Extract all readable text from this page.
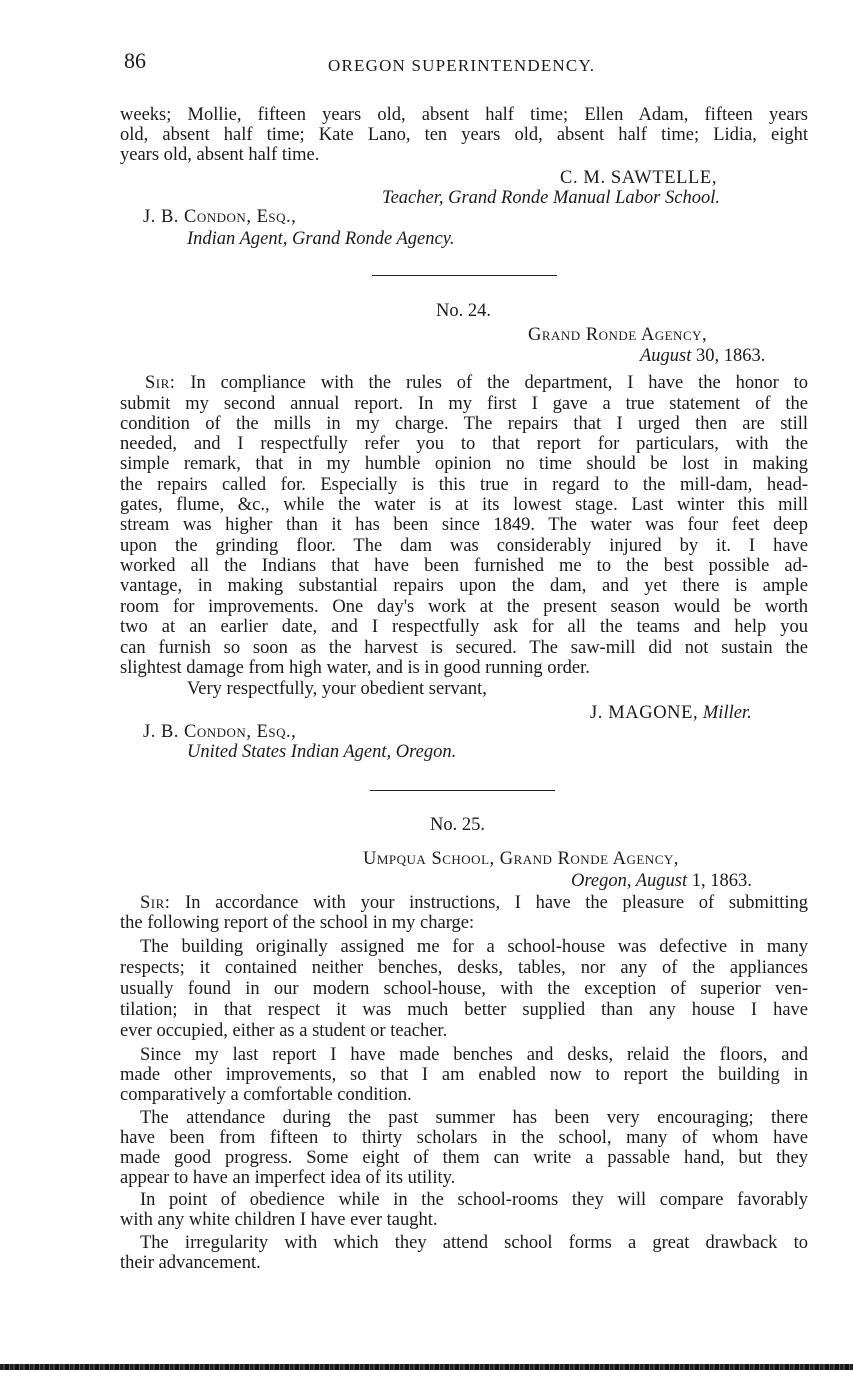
86	OREGON SUPERINTENDENCY.
weeks; Mollie, fifteen years old, absent half time; Ellen Adam, fifteen years
old, absent half time; Kate Lano, ten years old, absent half time; Lidia, eight
years old, absent half time.
C. M. SAWTELLE,
Teacher, Grand Ronde Manual Labor School.
J. B. Condon, Esq.,
Indian Agent, Grand Ronde Agency.
No. 24.
Grand Ronde Agency,
August 30, 1863.
Sir: In compliance with the rules of the department, I have the honor to
submit my second annual report. In my first I gave a true statement of the
condition of the mills in my charge. The repairs that I urged then are still
needed, and I respectfully refer you to that report for particulars, with the
simple remark, that in my humble opinion no time should be lost in making
the repairs called for. Especially is this true in regard to the mill-dam, head-
gates, flume, &c., while the water is at its lowest stage. Last winter this mill
stream was higher than it has been since 1849. The water was four feet deep
upon the grinding floor. The dam was considerably injured by it. I have
worked all the Indians that have been furnished me to the best possible ad-
vantage, in making substantial repairs upon the dam, and yet there is ample
room for improvements. One day's work at the present season would be worth
two at an earlier date, and I respectfully ask for all the teams and help you
can furnish so soon as the harvest is secured. The saw-mill did not sustain the
slightest damage from high water, and is in good running order.
Very respectfully, your obedient servant,
J. MAGONE, Miller.
J. B. Condon, Esq.,
United States Indian Agent, Oregon.
No. 25.
Umpqua School, Grand Ronde Agency,
Oregon, August 1, 1863.
Sir: In accordance with your instructions, I have the pleasure of submitting
the following report of the school in my charge:
The building originally assigned me for a school-house was defective in many
respects; it contained neither benches, desks, tables, nor any of the appliances
usually found in our modern school-house, with the exception of superior ven-
tilation; in that respect it was much better supplied than any house I have
ever occupied, either as a student or teacher.
Since my last report I have made benches and desks, relaid the floors, and
made other improvements, so that I am enabled now to report the building in
comparatively a comfortable condition.
The attendance during the past summer has been very encouraging; there
have been from fifteen to thirty scholars in the school, many of whom have
made good progress. Some eight of them can write a passable hand, but they
appear to have an imperfect idea of its utility.
In point of obedience while in the school-rooms they will compare favorably
with any white children I have ever taught.
The irregularity with which they attend school forms a great drawback to
their advancement.
